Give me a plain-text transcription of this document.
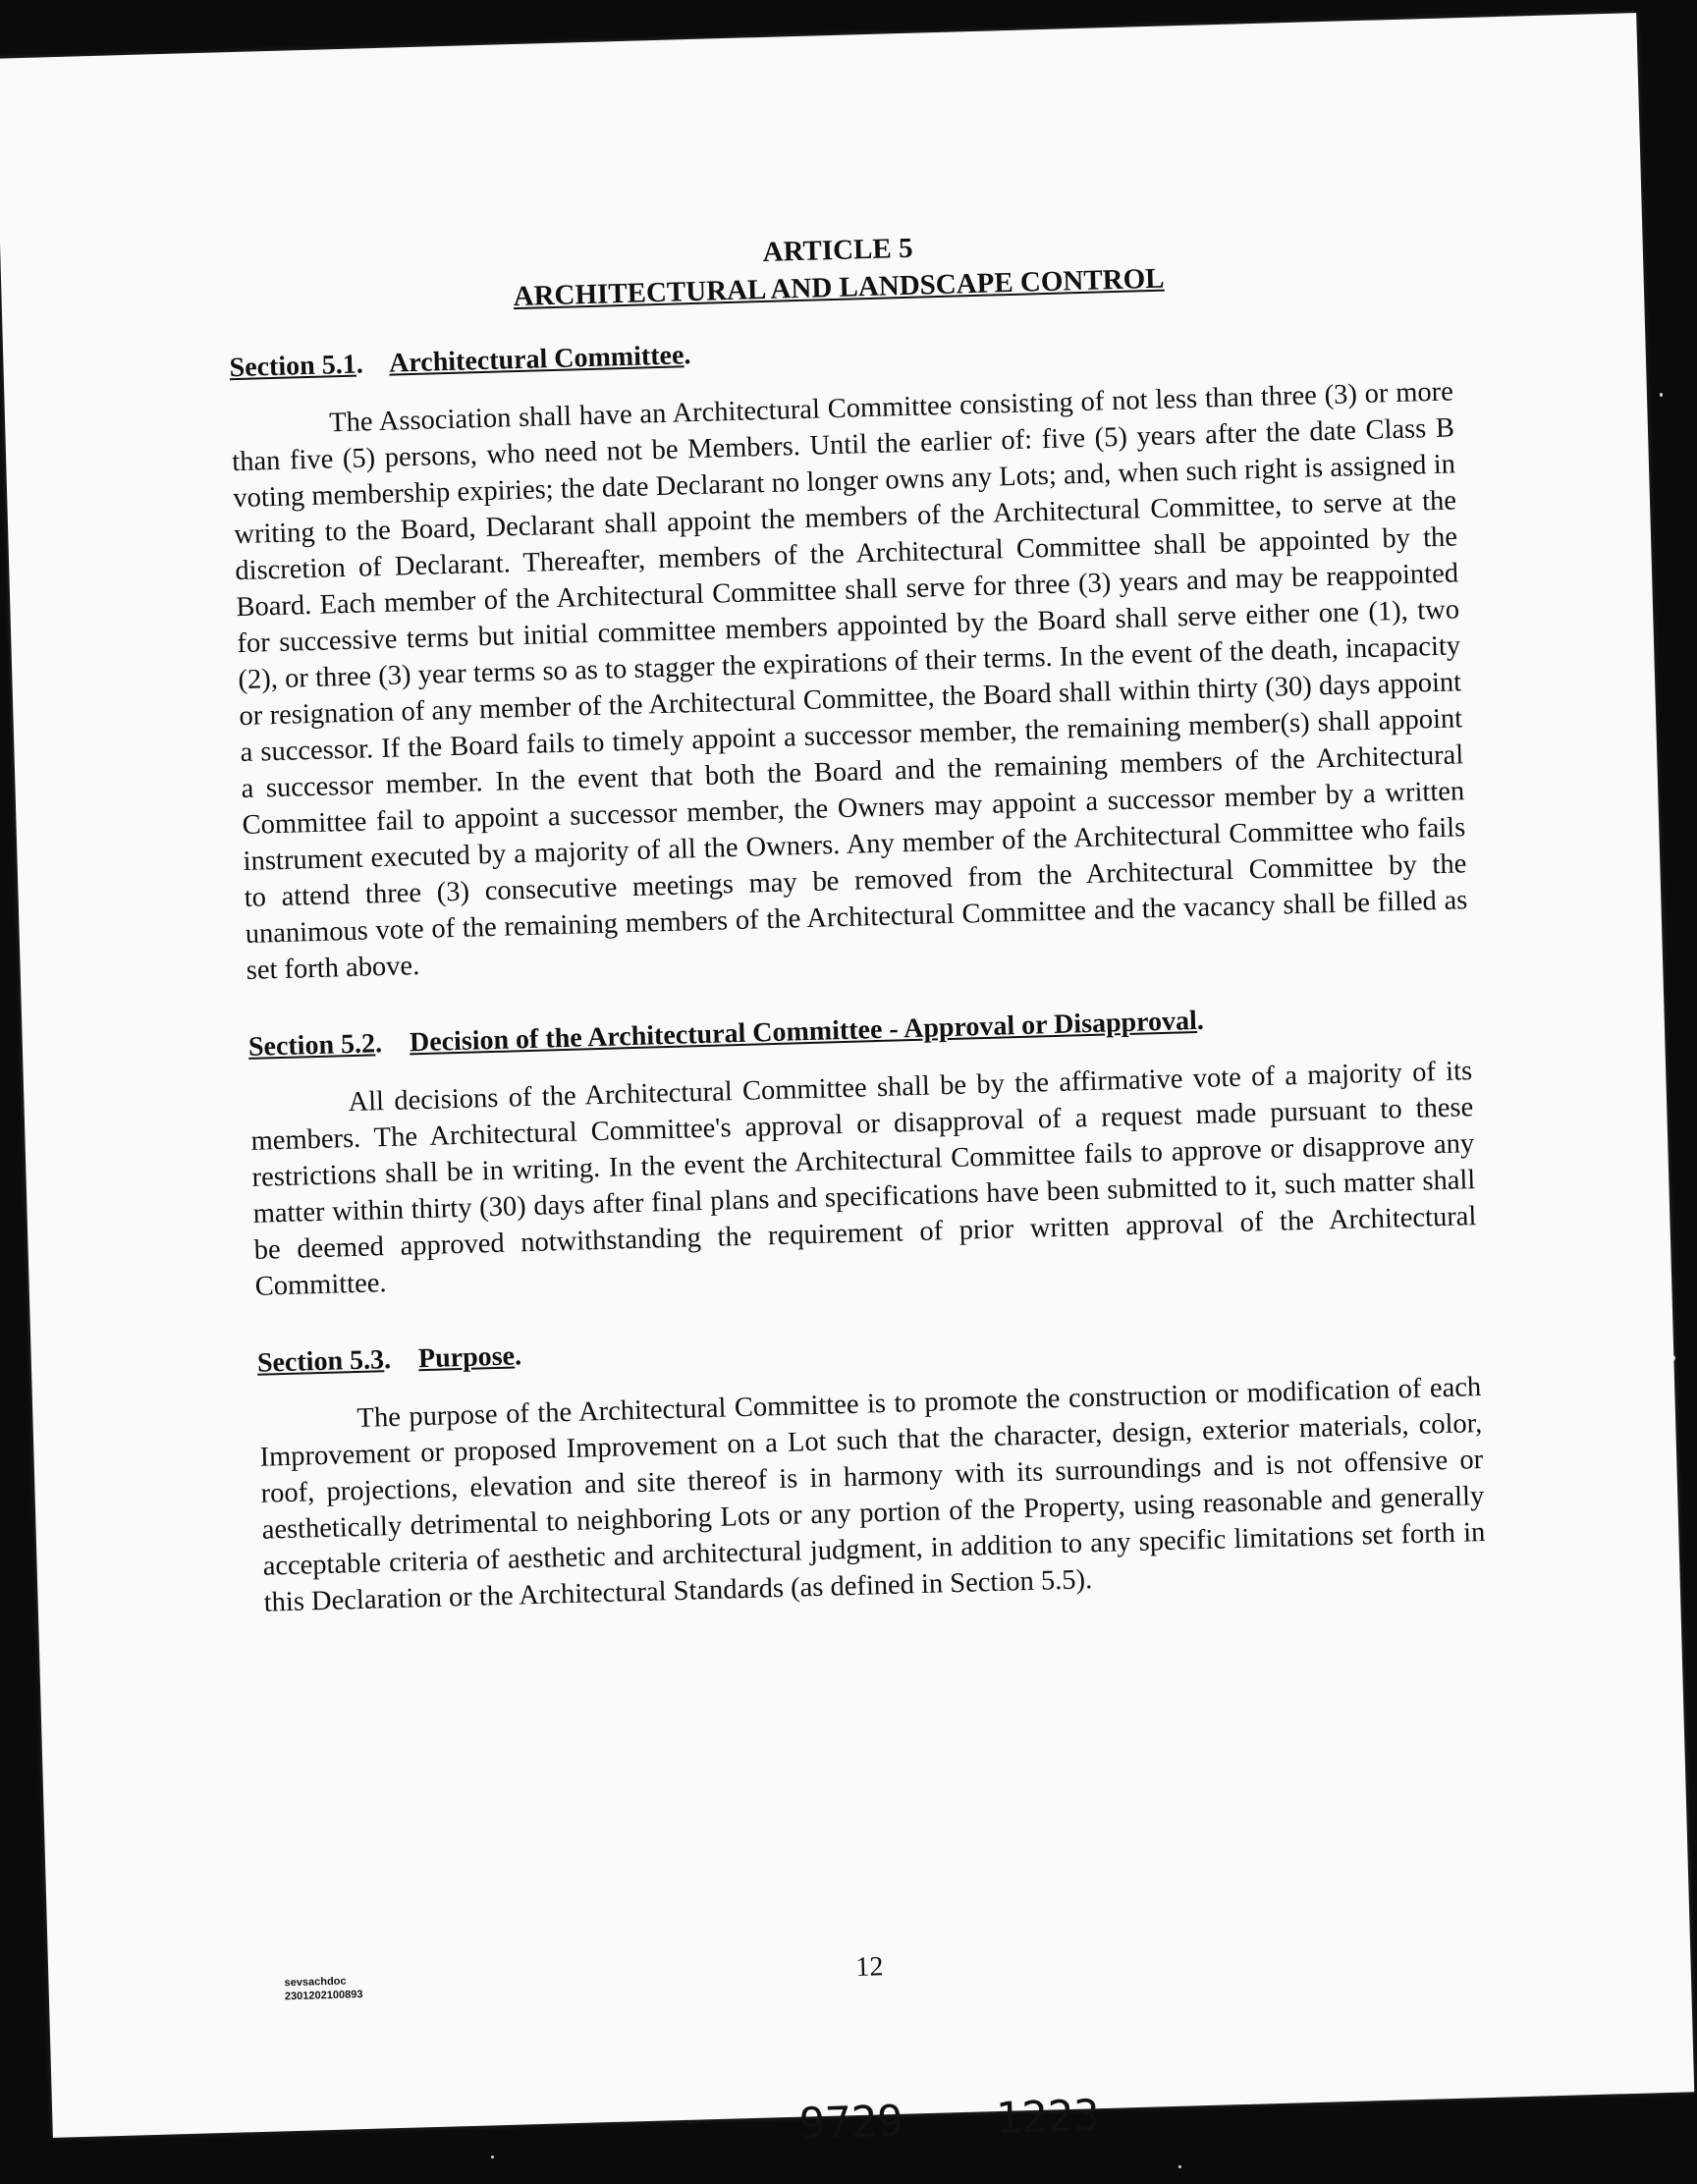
ARTICLE 5
ARCHITECTURAL AND LANDSCAPE CONTROL
Section 5.1.    Architectural Committee.

The Association shall have an Architectural Committee consisting of not less than three (3) or more than five (5) persons, who need not be Members. Until the earlier of: five (5) years after the date Class B voting membership expiries; the date Declarant no longer owns any Lots; and, when such right is assigned in writing to the Board, Declarant shall appoint the members of the Architectural Committee, to serve at the discretion of Declarant. Thereafter, members of the Architectural Committee shall be appointed by the Board. Each member of the Architectural Committee shall serve for three (3) years and may be reappointed for successive terms but initial committee members appointed by the Board shall serve either one (1), two (2), or three (3) year terms so as to stagger the expirations of their terms. In the event of the death, incapacity or resignation of any member of the Architectural Committee, the Board shall within thirty (30) days appoint a successor. If the Board fails to timely appoint a successor member, the remaining member(s) shall appoint a successor member. In the event that both the Board and the remaining members of the Architectural Committee fail to appoint a successor member, the Owners may appoint a successor member by a written instrument executed by a majority of all the Owners. Any member of the Architectural Committee who fails to attend three (3) consecutive meetings may be removed from the Architectural Committee by the unanimous vote of the remaining members of the Architectural Committee and the vacancy shall be filled as set forth above.

Section 5.2.    Decision of the Architectural Committee - Approval or Disapproval.

All decisions of the Architectural Committee shall be by the affirmative vote of a majority of its members. The Architectural Committee's approval or disapproval of a request made pursuant to these restrictions shall be in writing. In the event the Architectural Committee fails to approve or disapprove any matter within thirty (30) days after final plans and specifications have been submitted to it, such matter shall be deemed approved notwithstanding the requirement of prior written approval of the Architectural Committee.

Section 5.3.    Purpose.

The purpose of the Architectural Committee is to promote the construction or modification of each Improvement or proposed Improvement on a Lot such that the character, design, exterior materials, color, roof, projections, elevation and site thereof is in harmony with its surroundings and is not offensive or aesthetically detrimental to neighboring Lots or any portion of the Property, using reasonable and generally acceptable criteria of aesthetic and architectural judgment, in addition to any specific limitations set forth in this Declaration or the Architectural Standards (as defined in Section 5.5).

sevsachdoc
2301202100893
12
9729 1223
